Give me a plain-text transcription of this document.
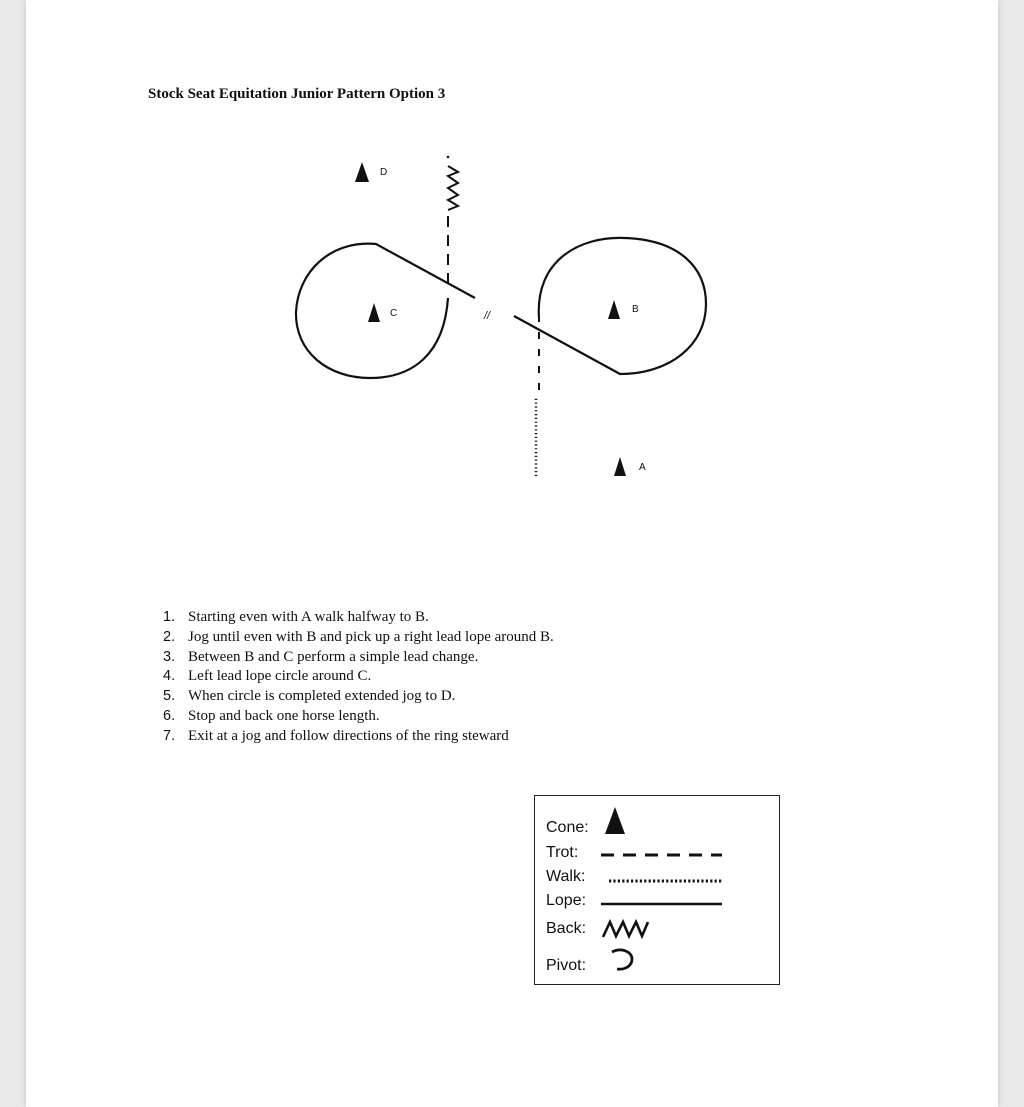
Stock Seat Equitation Junior Pattern Option 3
//
D
C	B
A
1. Starting even with A walk halfway to B.
2. Jog until even with B and pick up a right lead lope around B.
3. Between B and C perform a simple lead change.
4. Left lead lope circle around C.
5. When circle is completed extended jog to D.
6. Stop and back one horse length.
7. Exit at a jog and follow directions of the ring steward
Cone:
Trot:
Walk:
Lope:
Back:
Pivot:
